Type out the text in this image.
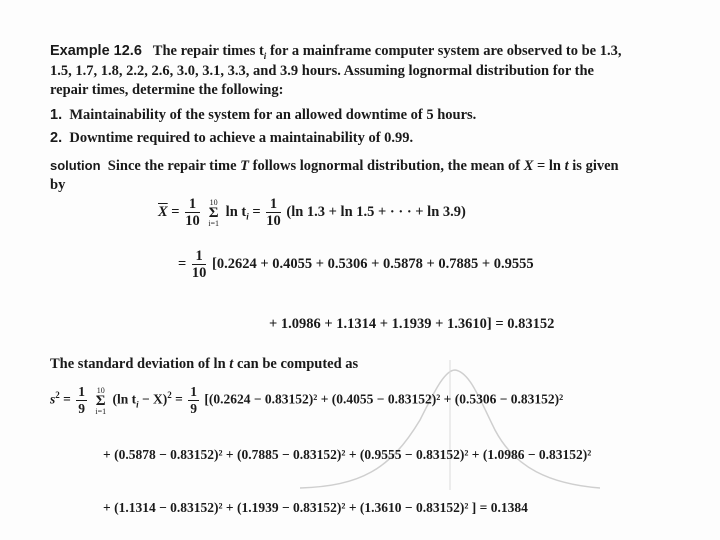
Example 12.6 The repair times $t_i$ for a mainframe computer system are observed to be 1.3,
1.5, 1.7, 1.8, 2.2, 2.6, 3.0, 3.1, 3.3, and 3.9 hours. Assuming lognormal distribution for the
repair times, determine the following:
1. Maintainability of the system for an allowed downtime of 5 hours.
2. Downtime required to achieve a maintainability of 0.99.
solution Since the repair time T follows lognormal distribution, the mean of X = ln t is given
by
$\overline{X} = \frac{1}{10}$
10
Σ
i=1
$\ln t_i = \frac{1}{10} (\ln$ 1.3 + ln 1.5 + · · · + ln 3.9)
= $\frac{1}{10} [0.2624 + 0.4055 + 0.5306 + 0.5878 + 0.7885 + 0.9555$
+ 1.0986 + 1.1314 + 1.1939 + 1.3610] = 0.83152
The standard deviation of ln t can be computed as
$s^2 = \frac{1}{9}$
10
Σ
i=1
(ln $t_i - X)^2 = \frac{1}{9} [(0.2624 - 0.83152)^2 + (0.4055 - 0.83152)^2 + (0.5306 - 0.83152)^2$
+ (0.5878 − 0.83152)² + (0.7885 − 0.83152)² + (0.9555 − 0.83152)² + (1.0986 − 0.83152)²
+ (1.1314 − 0.83152)² + (1.1939 − 0.83152)² + (1.3610 − 0.83152)² ] = 0.1384
